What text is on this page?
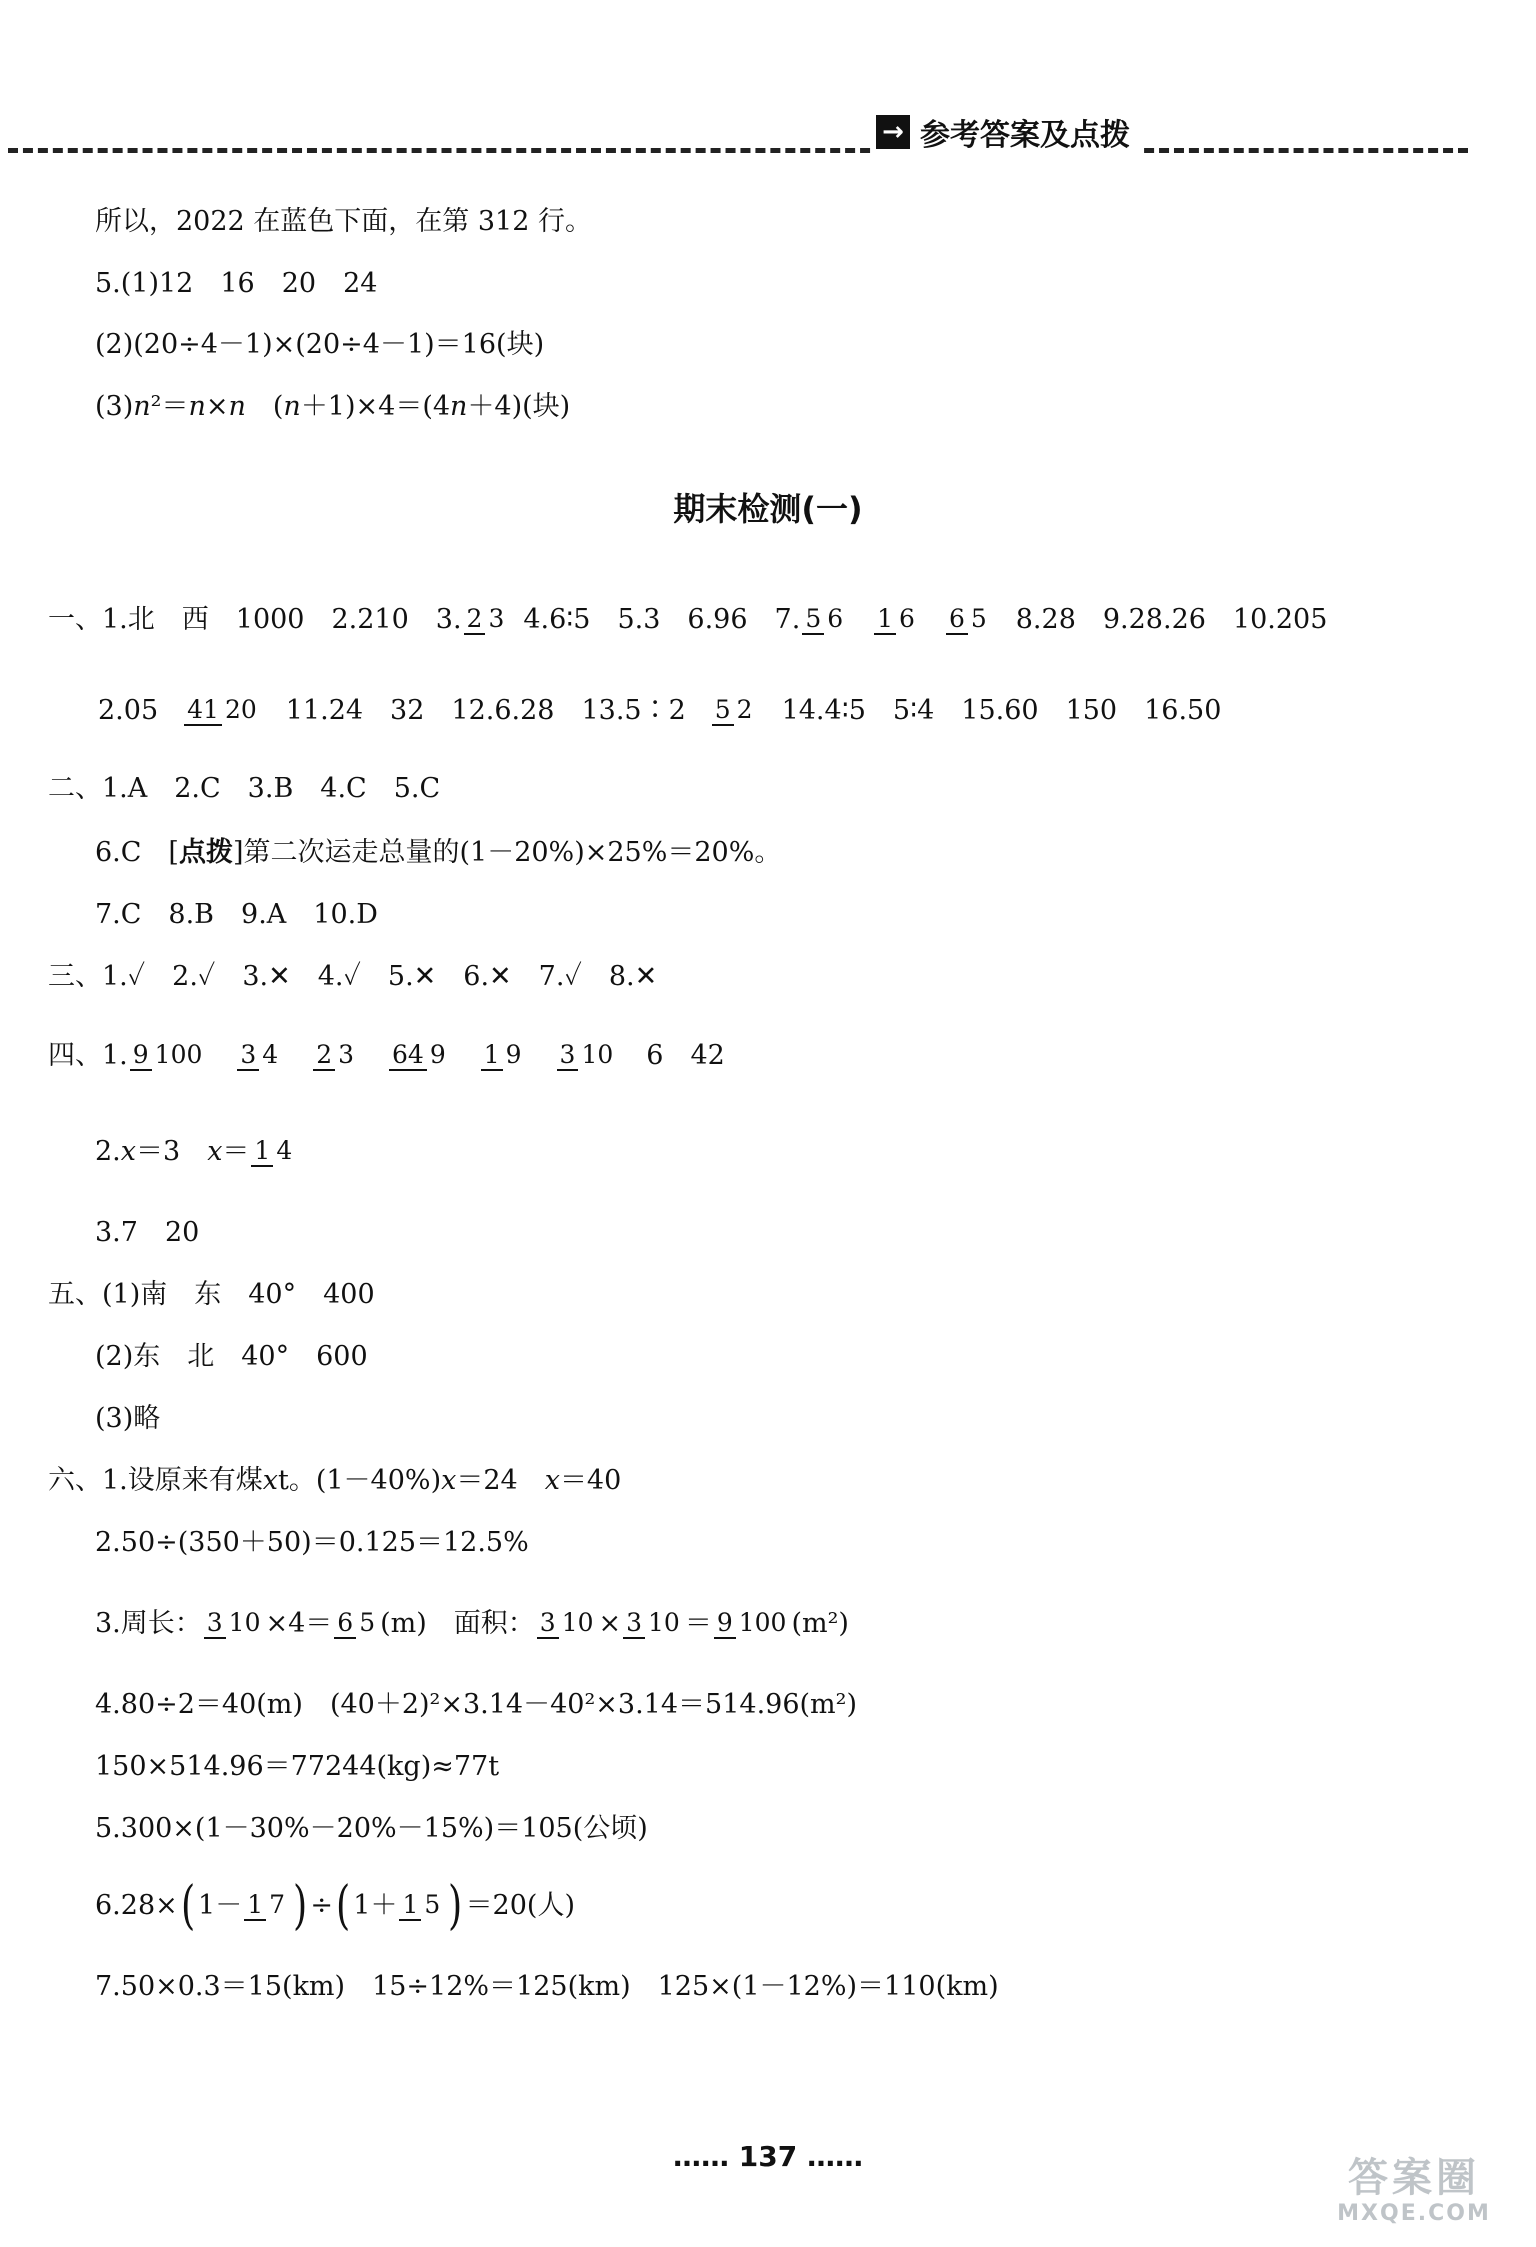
→ 参考答案及点拨
所以，2022 在蓝色下面，在第 312 行。
5.(1)12　16　20　24
(2)(20÷4－1)×(20÷4－1)＝16(块)
(3) n ²＝ n × n 　( n ＋1)×4＝(4 n ＋4)(块)
期末检测(一)
一、1.北　西　1000　2.210　3. 2 3 4.6∶5　5.3　6.96　7. 5 6 1 6 6 5 8.28　9.28.26　10.205
2.05 41 20 11.24　32　12.6.28　13.5∶2 5 2 14.4∶5　5∶4　15.60　150　16.50
二、1.A　2.C　3.B　4.C　5.C
6.C　[ 点拨 ]第二次运走总量的(1－20%)×25%＝20%。
7.C　8.B　9.A　10.D
三、1.✓　2.✓　3.✕　4.✓　5.✕　6.✕　7.✓　8.✕
四、1. 9 100 3 4 2 3 64 9 1 9 3 10 6　42
2. x ＝3　 x ＝ 1 4
3.7　20
五、(1)南　东　40°　400
(2)东　北　40°　600
(3)略
六、1.设原来有煤 x t。(1－40%) x ＝24　 x ＝40
2.50÷(350＋50)＝0.125＝12.5%
3.周长： 3 10 ×4＝ 6 5 (m)　面积： 3 10 × 3 10 ＝ 9 100 (m²)
4.80÷2＝40(m)　(40＋2)²×3.14－40²×3.14＝514.96(m²)
150×514.96＝77244(kg)≈77t
5.300×(1－30%－20%－15%)＝105(公顷)
6.28× ( 1－ 1 7 ) ÷ ( 1＋ 1 5 ) ＝20(人)
7.50×0.3＝15(km)　15÷12%＝125(km)　125×(1－12%)＝110(km)
…… 137 ……	答案圈
MXQE.COM
